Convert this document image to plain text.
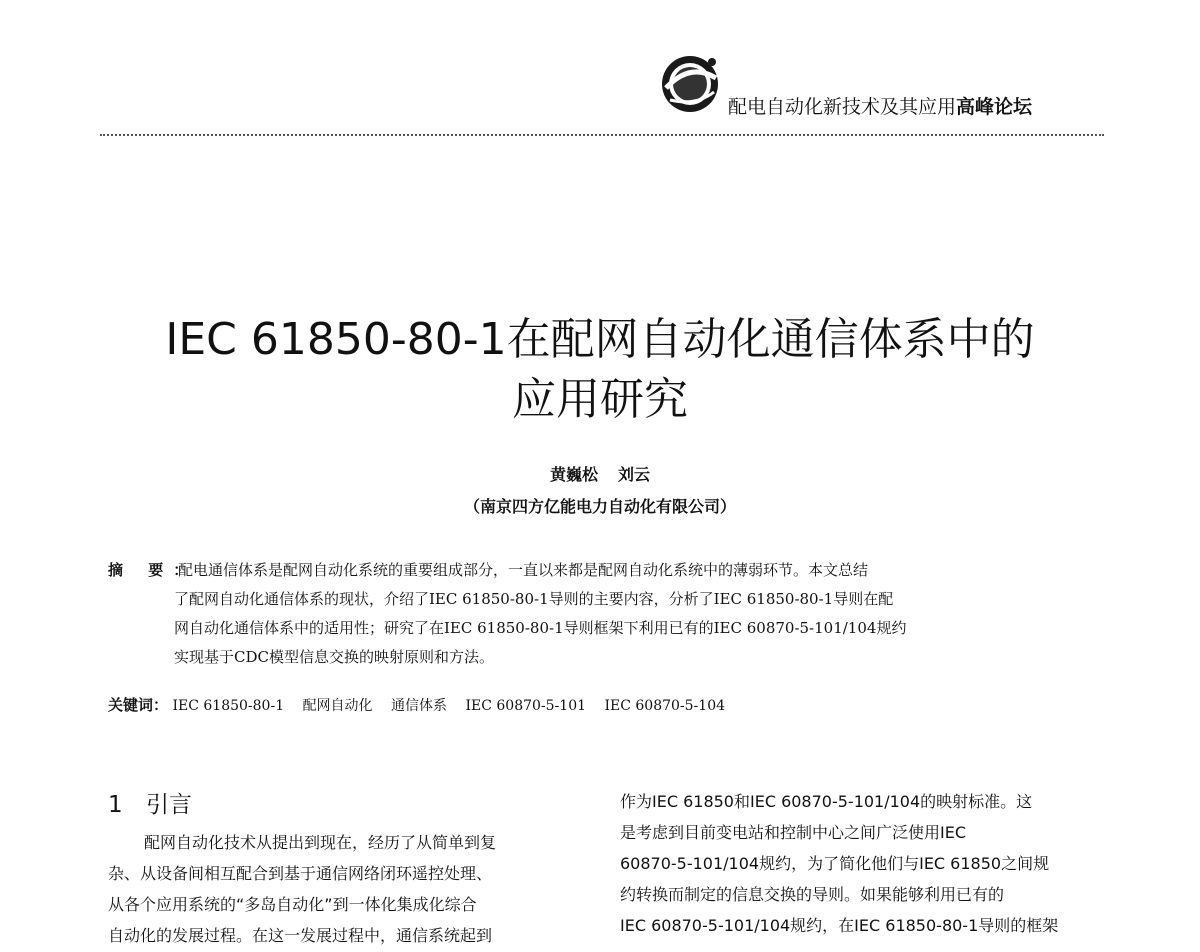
配电自动化新技术及其应用高峰论坛
IEC 61850-80-1在配网自动化通信体系中的
应用研究
黄巍松 刘云
（南京四方亿能电力自动化有限公司）
摘 要：
配电通信体系是配网自动化系统的重要组成部分，一直以来都是配网自动化系统中的薄弱环节。本文总结
了配网自动化通信体系的现状，介绍了IEC 61850-80-1导则的主要内容，分析了IEC 61850-80-1导则在配
网自动化通信体系中的适用性；研究了在IEC 61850-80-1导则框架下利用已有的IEC 60870-5-101/104规约
实现基于CDC模型信息交换的映射原则和方法。
关键词： IEC 61850-80-1 配网自动化 通信体系 IEC 60870-5-101 IEC 60870-5-104
1 引言
配网自动化技术从提出到现在，经历了从简单到复
杂、从设备间相互配合到基于通信网络闭环遥控处理、
从各个应用系统的“多岛自动化”到一体化集成化综合
自动化的发展过程。在这一发展过程中，通信系统起到
作为IEC 61850和IEC 60870-5-101/104的映射标准。这
是考虑到目前变电站和控制中心之间广泛使用IEC
60870-5-101/104规约，为了简化他们与IEC 61850之间规
约转换而制定的信息交换的导则。如果能够利用已有的
IEC 60870-5-101/104规约，在IEC 61850-80-1导则的框架
